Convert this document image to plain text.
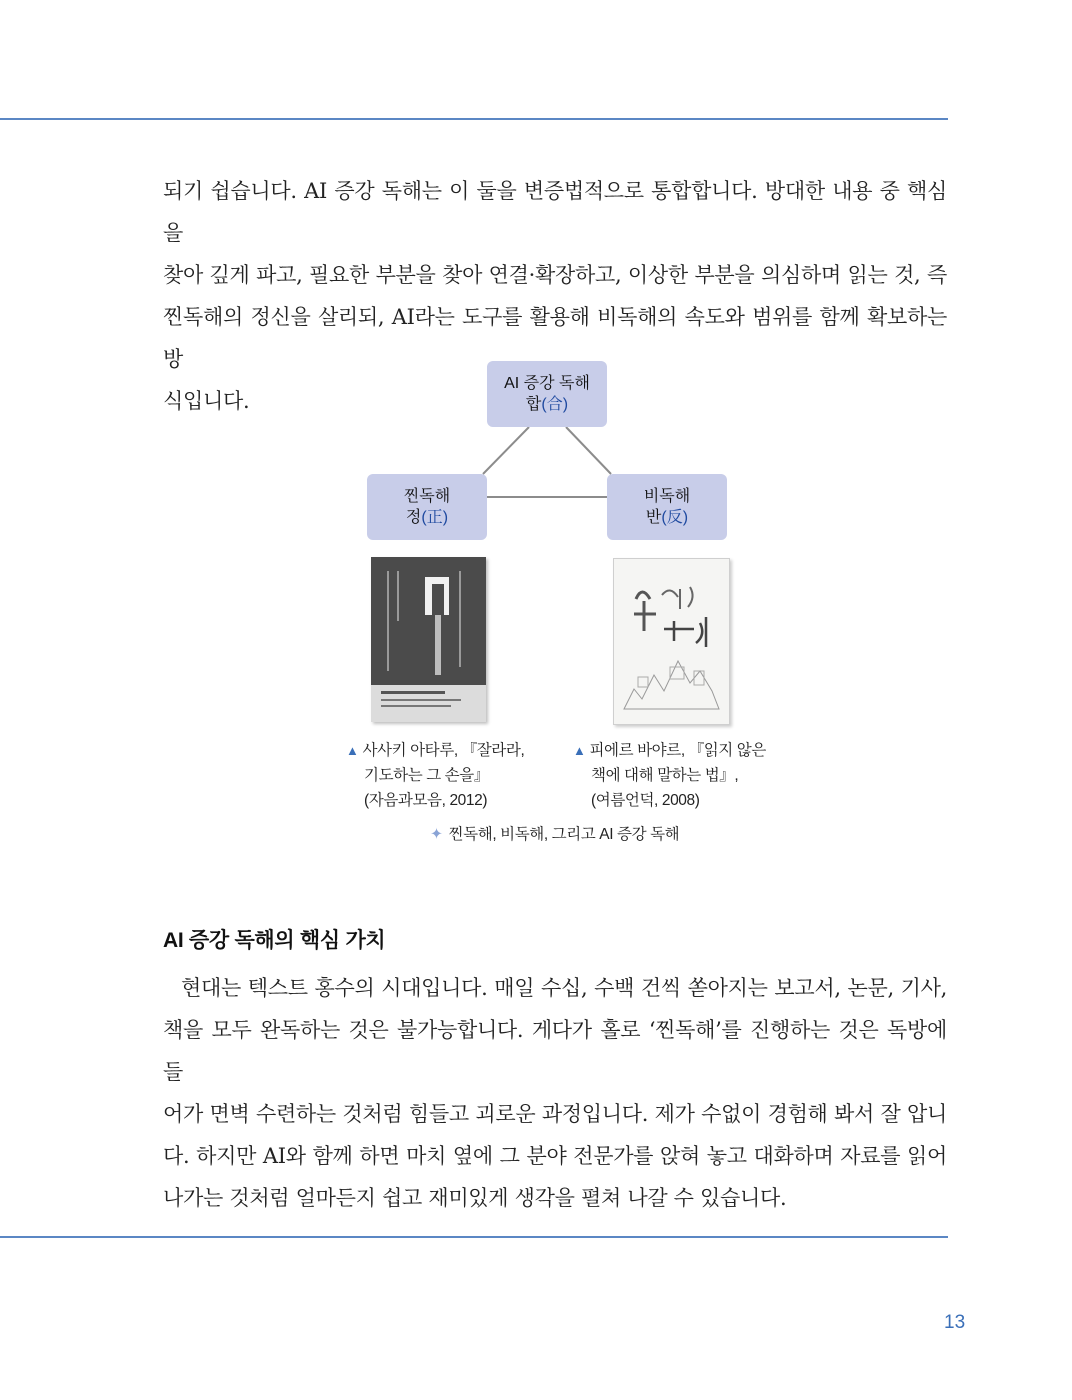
되기 쉽습니다. AI 증강 독해는 이 둘을 변증법적으로 통합합니다. 방대한 내용 중 핵심을
찾아 깊게 파고, 필요한 부분을 찾아 연결·확장하고, 이상한 부분을 의심하며 읽는 것, 즉
찐독해의 정신을 살리되, AI라는 도구를 활용해 비독해의 속도와 범위를 함께 확보하는 방
식입니다.

AI 증강 독해
합(合)
찐독해
정(正)
비독해
반(反)
▲ 사사키 아타루, 『잘라라,
기도하는 그 손을』
(자음과모음, 2012)
▲ 피에르 바야르, 『읽지 않은
책에 대해 말하는 법』,
(여름언덕, 2008)
✦ 찐독해, 비독해, 그리고 AI 증강 독해
AI 증강 독해의 핵심 가치

현대는 텍스트 홍수의 시대입니다. 매일 수십, 수백 건씩 쏟아지는 보고서, 논문, 기사,
책을 모두 완독하는 것은 불가능합니다. 게다가 홀로 ‘찐독해’를 진행하는 것은 독방에 들
어가 면벽 수련하는 것처럼 힘들고 괴로운 과정입니다. 제가 수없이 경험해 봐서 잘 압니
다. 하지만 AI와 함께 하면 마치 옆에 그 분야 전문가를 앉혀 놓고 대화하며 자료를 읽어
나가는 것처럼 얼마든지 쉽고 재미있게 생각을 펼쳐 나갈 수 있습니다.

13
